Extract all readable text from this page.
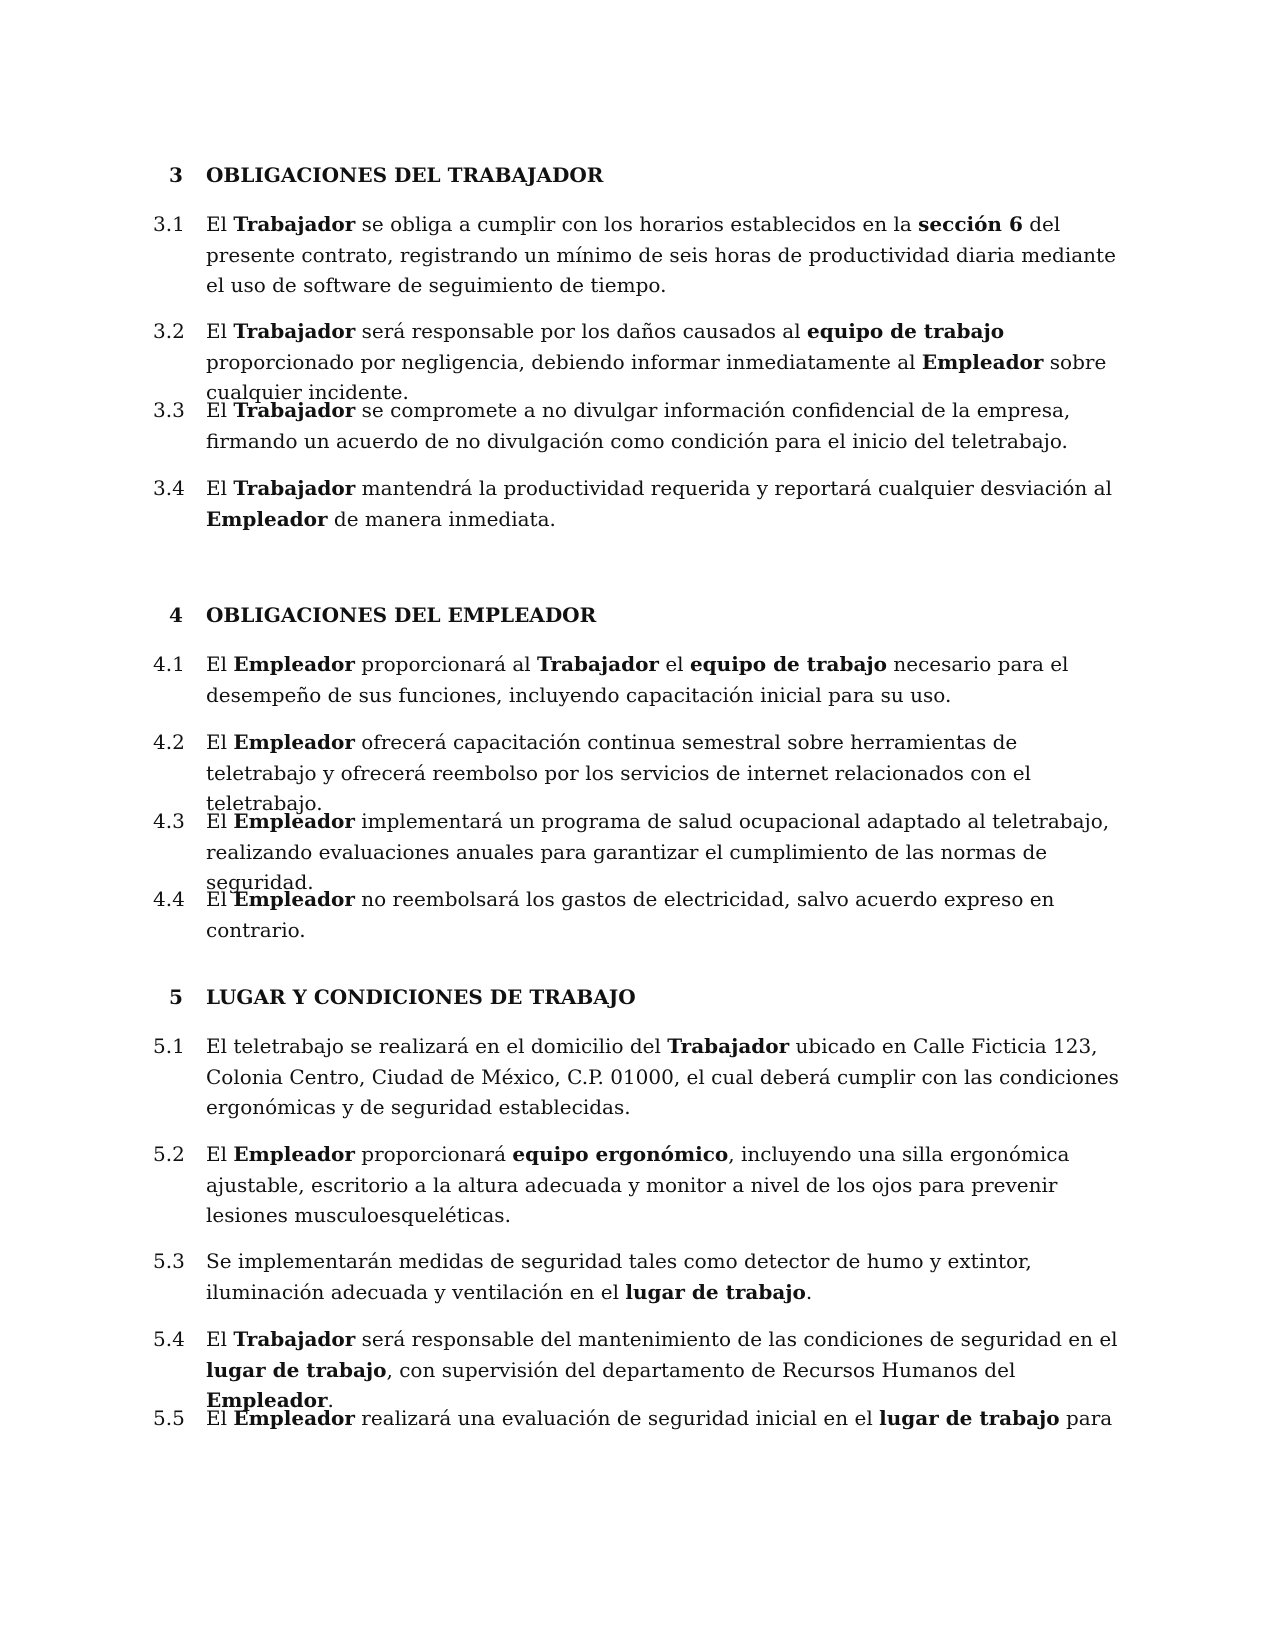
3 OBLIGACIONES DEL TRABAJADOR
3.1 El Trabajador se obliga a cumplir con los horarios establecidos en la sección 6 del presente contrato, registrando un mínimo de seis horas de productividad diaria mediante el uso de software de seguimiento de tiempo.
3.2 El Trabajador será responsable por los daños causados al equipo de trabajo proporcionado por negligencia, debiendo informar inmediatamente al Empleador sobre cualquier incidente.
3.3 El Trabajador se compromete a no divulgar información confidencial de la empresa, firmando un acuerdo de no divulgación como condición para el inicio del teletrabajo.
3.4 El Trabajador mantendrá la productividad requerida y reportará cualquier desviación al Empleador de manera inmediata.
4 OBLIGACIONES DEL EMPLEADOR
4.1 El Empleador proporcionará al Trabajador el equipo de trabajo necesario para el desempeño de sus funciones, incluyendo capacitación inicial para su uso.
4.2 El Empleador ofrecerá capacitación continua semestral sobre herramientas de teletrabajo y ofrecerá reembolso por los servicios de internet relacionados con el teletrabajo.
4.3 El Empleador implementará un programa de salud ocupacional adaptado al teletrabajo, realizando evaluaciones anuales para garantizar el cumplimiento de las normas de seguridad.
4.4 El Empleador no reembolsará los gastos de electricidad, salvo acuerdo expreso en contrario.
5 LUGAR Y CONDICIONES DE TRABAJO
5.1 El teletrabajo se realizará en el domicilio del Trabajador ubicado en Calle Ficticia 123, Colonia Centro, Ciudad de México, C.P. 01000, el cual deberá cumplir con las condiciones ergonómicas y de seguridad establecidas.
5.2 El Empleador proporcionará equipo ergonómico, incluyendo una silla ergonómica ajustable, escritorio a la altura adecuada y monitor a nivel de los ojos para prevenir lesiones musculoesqueléticas.
5.3 Se implementarán medidas de seguridad tales como detector de humo y extintor, iluminación adecuada y ventilación en el lugar de trabajo.
5.4 El Trabajador será responsable del mantenimiento de las condiciones de seguridad en el lugar de trabajo, con supervisión del departamento de Recursos Humanos del Empleador.
5.5 El Empleador realizará una evaluación de seguridad inicial en el lugar de trabajo para
